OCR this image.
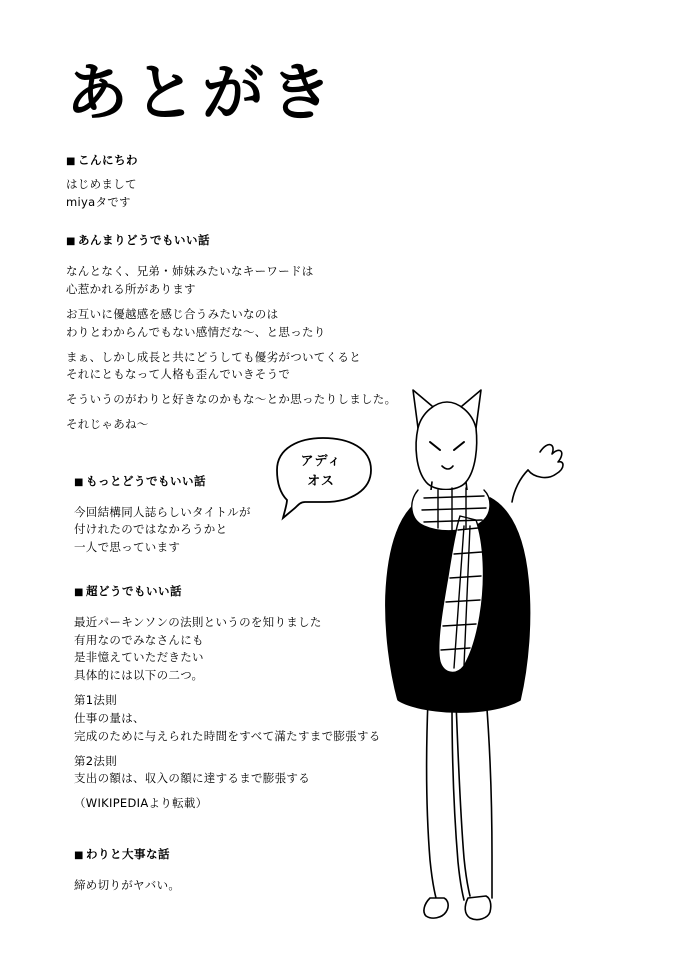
あとがき
■ こんにちわ
はじめまして
miyaタです
■ あんまりどうでもいい話
なんとなく、兄弟・姉妹みたいなキーワードは
心惹かれる所があります
お互いに優越感を感じ合うみたいなのは
わりとわからんでもない感情だな～、と思ったり
まぁ、しかし成長と共にどうしても優劣がついてくると
それにともなって人格も歪んでいきそうで
そういうのがわりと好きなのかもな～とか思ったりしました。
それじゃあね～
■ もっとどうでもいい話
今回結構同人誌らしいタイトルが
付けれたのではなかろうかと
一人で思っています
■ 超どうでもいい話
最近パーキンソンの法則というのを知りました
有用なのでみなさんにも
是非憶えていただきたい
具体的には以下の二つ。
第1法則
仕事の量は、
完成のために与えられた時間をすべて滿たすまで膨張する
第2法則
支出の額は、収入の額に達するまで膨張する
（WIKIPEDIAより転載）
■ わりと大事な話
締め切りがヤバい。
アディ
オス
